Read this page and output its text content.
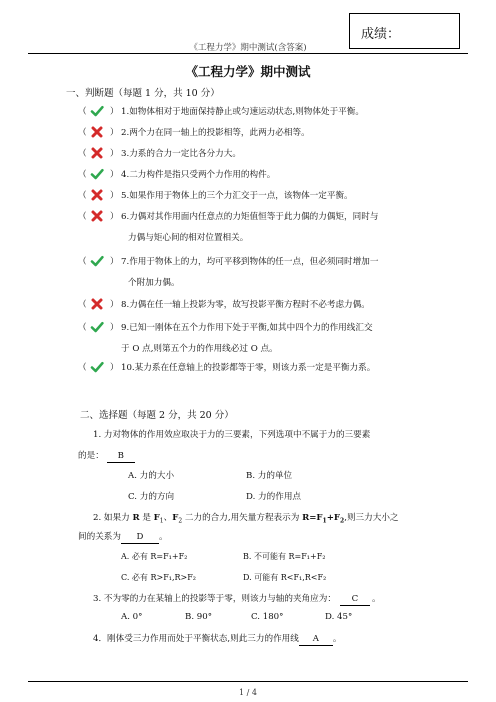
《工程力学》期中测试(含答案)
成绩：
《工程力学》期中测试
一、判断题（每题 1 分，共 10 分）
（	） 1.如物体相对于地面保持静止或匀速运动状态,则物体处于平衡。
（	） 2.两个力在同一轴上的投影相等，此两力必相等。
（	） 3.力系的合力一定比各分力大。
（	） 4.二力构件是指只受两个力作用的构件。
（	） 5.如果作用于物体上的三个力汇交于一点，该物体一定平衡。
（	） 6.力偶对其作用面内任意点的力矩值恒等于此力偶的力偶矩，同时与
力偶与矩心间的相对位置相关。
（	） 7.作用于物体上的力，均可平移到物体的任一点，但必须同时增加一
个附加力偶。
（	） 8.力偶在任一轴上投影为零，故写投影平衡方程时不必考虑力偶。
（	） 9.已知一刚体在五个力作用下处于平衡,如其中四个力的作用线汇交
于 O 点,则第五个力的作用线必过 O 点。
（	） 10.某力系在任意轴上的投影都等于零，则该力系一定是平衡力系。
二、选择题（每题 2 分，共 20 分）
1. 力对物体的作用效应取决于力的三要素，下列选项中不属于力的三要素
的是： B
A. 力的大小	B. 力的单位
C. 力的方向	D. 力的作用点
2. 如果力 R 是 $F_1$、$F_2$ 二力的合力,用矢量方程表示为 $R=F_1+F_2$,则三力大小之
间的关系为 D 。
A. 必有 R=F₁+F₂	B. 不可能有 R=F₁+F₂
C. 必有 R>F₁,R>F₂	D. 可能有 R<F₁,R<F₂
3. 不为零的力在某轴上的投影等于零，则该力与轴的夹角应为： C 。
A. 0°	B. 90°	C. 180°	D. 45°
4．刚体受三力作用而处于平衡状态,则此三力的作用线 A 。
1 / 4
